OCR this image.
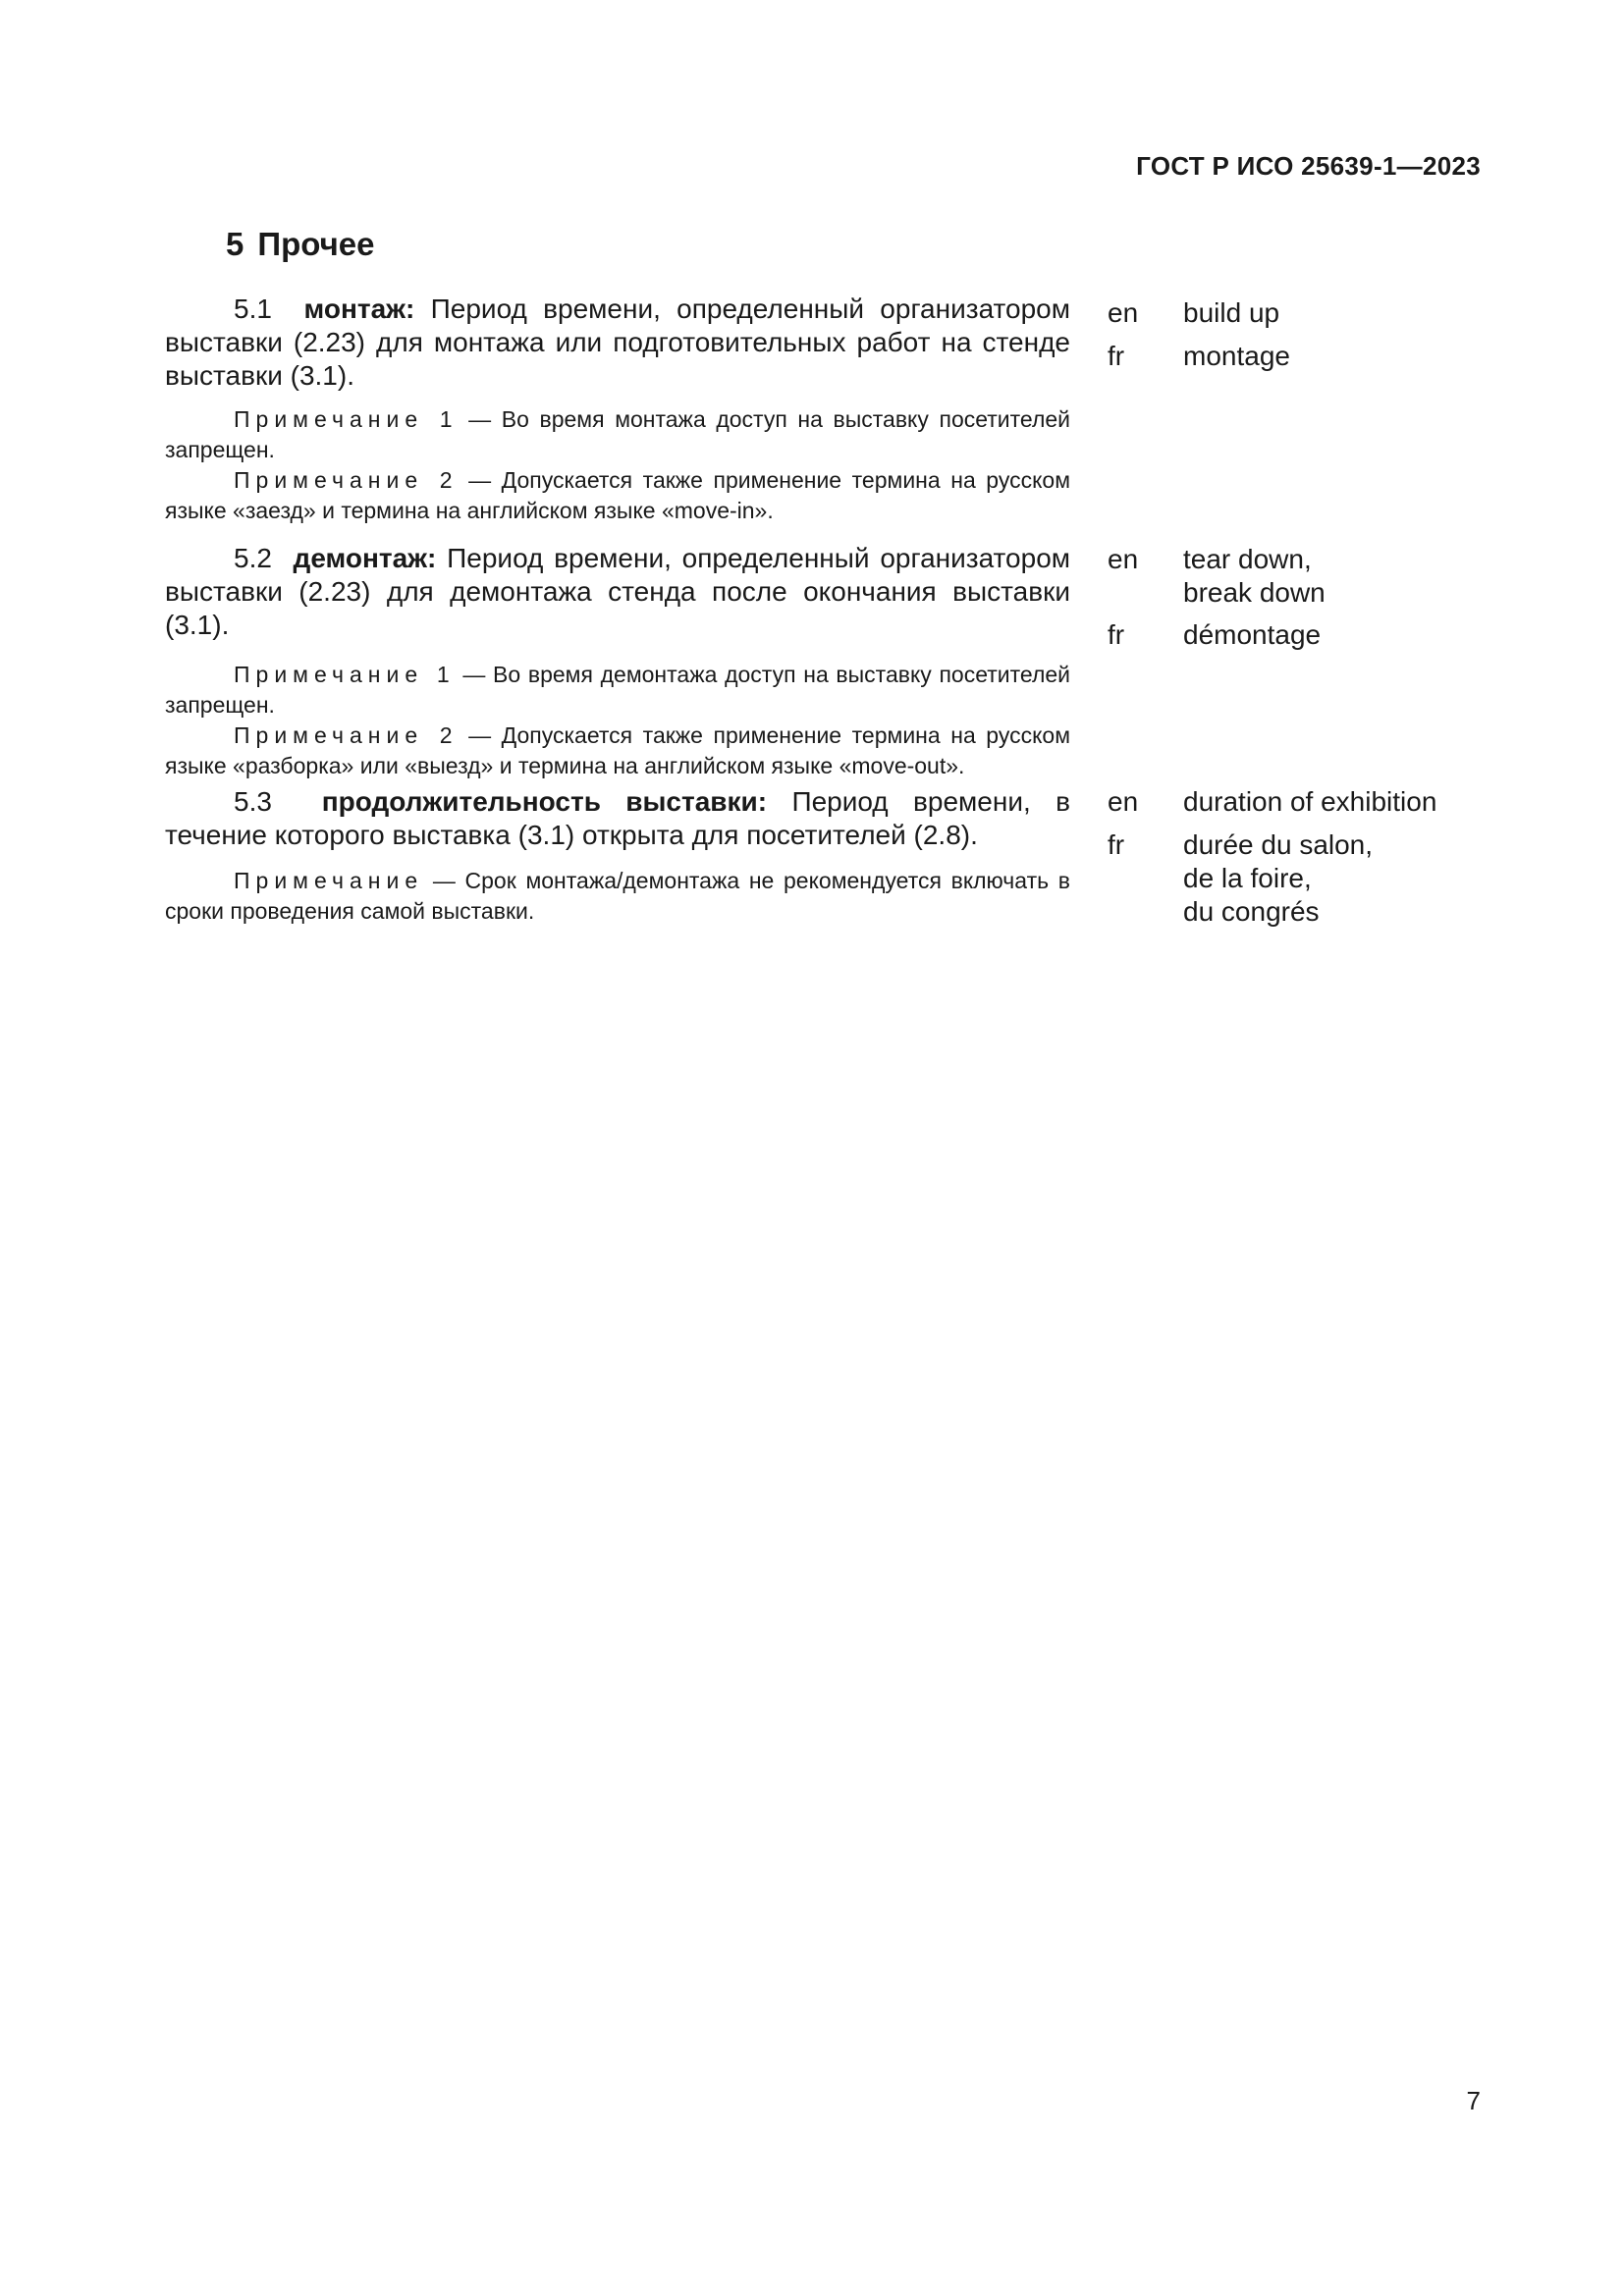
ГОСТ Р ИСО 25639-1—2023
5 Прочее
5.1 монтаж: Период времени, определенный организатором выставки (2.23) для монтажа или подготовительных работ на стенде выставки (3.1).
Примечание 1 — Во время монтажа доступ на выставку посетителей запрещен.
Примечание 2 — Допускается также применение термина на русском языке «заезд» и термина на английском языке «move-in».
en build up
fr montage
5.2 демонтаж: Период времени, определенный организатором выставки (2.23) для демонтажа стенда после окончания выставки (3.1).
Примечание 1 — Во время демонтажа доступ на выставку посетителей запрещен.
Примечание 2 — Допускается также применение термина на русском языке «разборка» или «выезд» и термина на английском языке «move-out».
en tear down,
break down
fr démontage
5.3 продолжительность выставки: Период времени, в течение которого выставка (3.1) открыта для посетителей (2.8).
Примечание — Срок монтажа/демонтажа не рекомендуется включать в сроки проведения самой выставки.
en duration of exhibition
fr durée du salon,
de la foire,
du congrés
7
